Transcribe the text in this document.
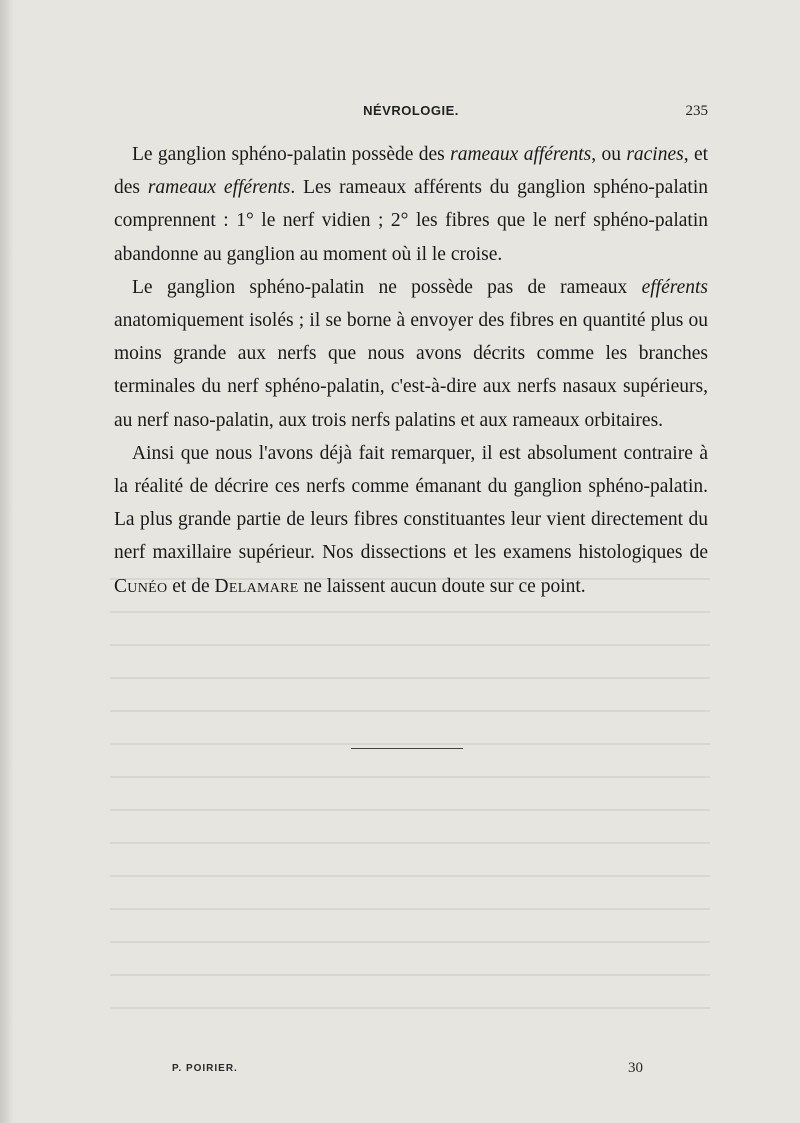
NÉVROLOGIE.	235

Le ganglion sphéno-palatin possède des rameaux afférents, ou racines, et des rameaux efférents. Les rameaux afférents du ganglion sphéno-palatin comprennent : 1° le nerf vidien ; 2° les fibres que le nerf sphéno-palatin abandonne au ganglion au moment où il le croise.

Le ganglion sphéno-palatin ne possède pas de rameaux efférents anatomiquement isolés ; il se borne à envoyer des fibres en quantité plus ou moins grande aux nerfs que nous avons décrits comme les branches terminales du nerf sphéno-palatin, c'est-à-dire aux nerfs nasaux supérieurs, au nerf naso-palatin, aux trois nerfs palatins et aux rameaux orbitaires.

Ainsi que nous l'avons déjà fait remarquer, il est absolument contraire à la réalité de décrire ces nerfs comme émanant du ganglion sphéno-palatin. La plus grande partie de leurs fibres constituantes leur vient directement du nerf maxillaire supérieur. Nos dissections et les examens histologiques de Cunéo et de Delamare ne laissent aucun doute sur ce point.

P. POIRIER.	30
